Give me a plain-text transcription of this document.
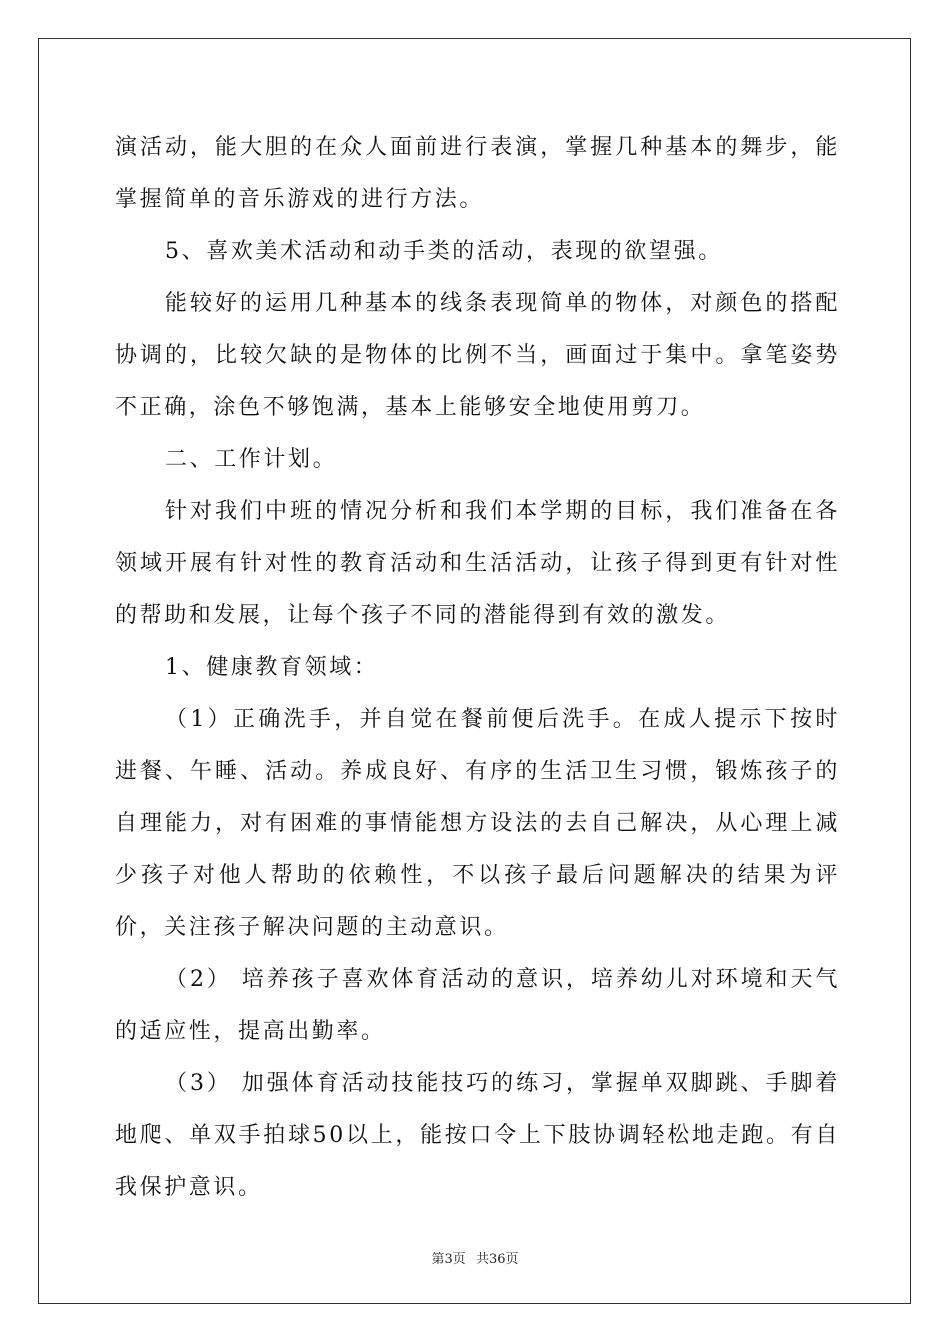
演活动，能大胆的在众人面前进行表演，掌握几种基本的舞步，能掌握简单的音乐游戏的进行方法。

5、喜欢美术活动和动手类的活动，表现的欲望强。

能较好的运用几种基本的线条表现简单的物体，对颜色的搭配协调的，比较欠缺的是物体的比例不当，画面过于集中。拿笔姿势不正确，涂色不够饱满，基本上能够安全地使用剪刀。

二、工作计划。

针对我们中班的情况分析和我们本学期的目标，我们准备在各领域开展有针对性的教育活动和生活活动，让孩子得到更有针对性的帮助和发展，让每个孩子不同的潜能得到有效的激发。

1、健康教育领域：

（1）正确洗手，并自觉在餐前便后洗手。在成人提示下按时进餐、午睡、活动。养成良好、有序的生活卫生习惯，锻炼孩子的自理能力，对有困难的事情能想方设法的去自己解决，从心理上减少孩子对他人帮助的依赖性，不以孩子最后问题解决的结果为评价，关注孩子解决问题的主动意识。

（2） 培养孩子喜欢体育活动的意识，培养幼儿对环境和天气的适应性，提高出勤率。

（3） 加强体育活动技能技巧的练习，掌握单双脚跳、手脚着地爬、单双手拍球50以上，能按口令上下肢协调轻松地走跑。有自我保护意识。

第3页 共36页
